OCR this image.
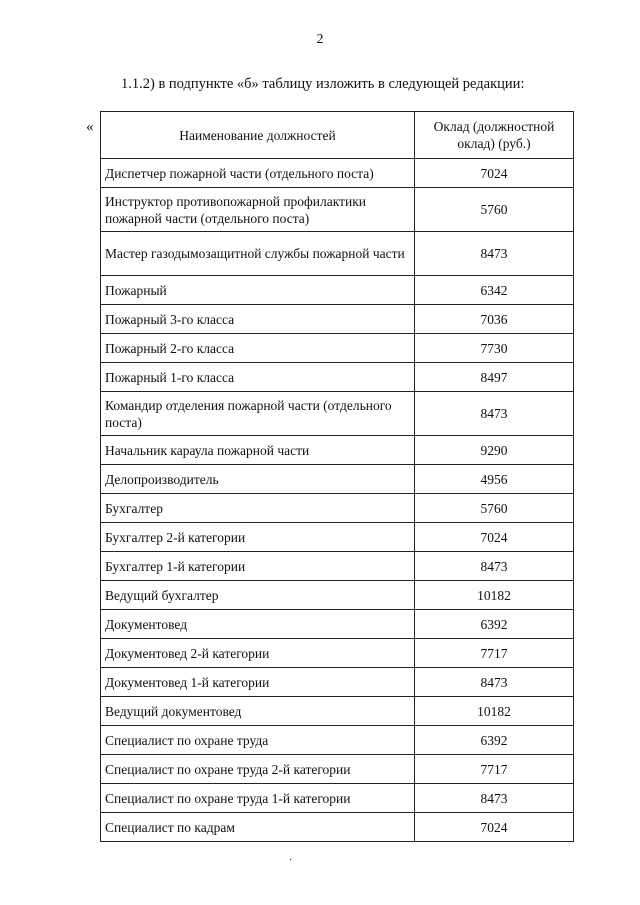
2
1.1.2) в подпункте «б» таблицу изложить в следующей редакции:
«	Наименование должностей	Оклад (должностной оклад) (руб.)
Диспетчер пожарной части (отдельного поста)	7024
Инструктор противопожарной профилактики пожарной части (отдельного поста)	5760
Мастер газодымозащитной службы пожарной части	8473
Пожарный	6342
Пожарный 3-го класса	7036
Пожарный 2-го класса	7730
Пожарный 1-го класса	8497
Командир отделения пожарной части (отдельного поста)	8473
Начальник караула пожарной части	9290
Делопроизводитель	4956
Бухгалтер	5760
Бухгалтер 2-й категории	7024
Бухгалтер 1-й категории	8473
Ведущий бухгалтер	10182
Документовед	6392
Документовед 2-й категории	7717
Документовед 1-й категории	8473
Ведущий документовед	10182
Специалист по охране труда	6392
Специалист по охране труда 2-й категории	7717
Специалист по охране труда 1-й категории	8473
Специалист по кадрам	7024
·
